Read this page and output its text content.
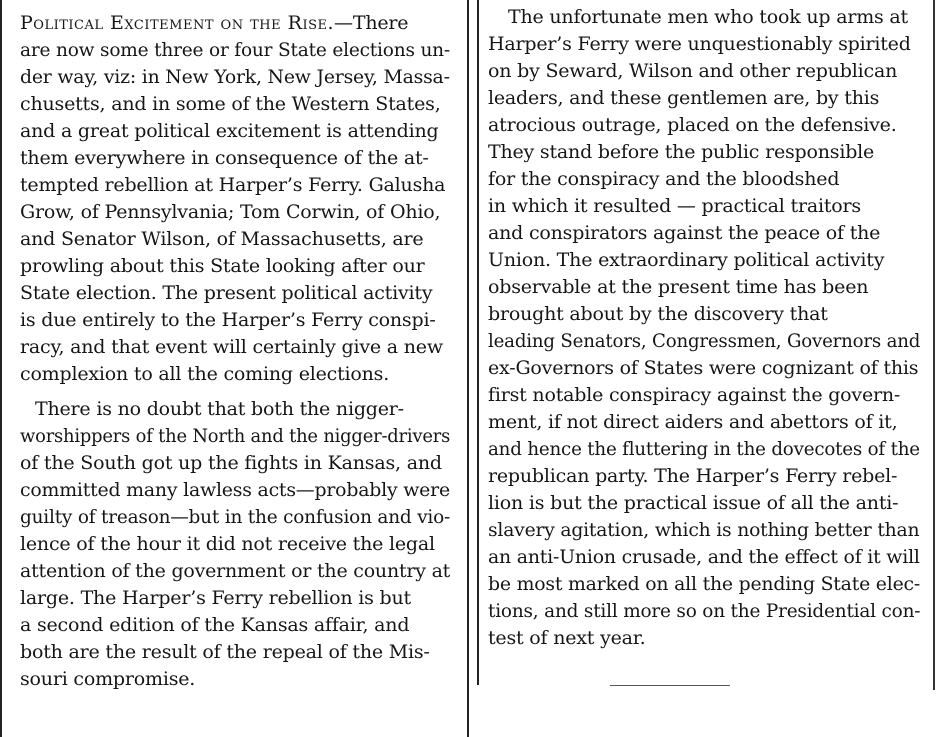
Political Excitement on the Rise.—There
are now some three or four State elections un-
der way, viz: in New York, New Jersey, Massa-
chusetts, and in some of the Western States,
and a great political excitement is attending
them everywhere in consequence of the at-
tempted rebellion at Harper’s Ferry. Galusha
Grow, of Pennsylvania; Tom Corwin, of Ohio,
and Senator Wilson, of Massachusetts, are
prowling about this State looking after our
State election. The present political activity
is due entirely to the Harper’s Ferry conspi-
racy, and that event will certainly give a new
complexion to all the coming elections.
There is no doubt that both the nigger-
worshippers of the North and the nigger-drivers
of the South got up the fights in Kansas, and
committed many lawless acts—probably were
guilty of treason—but in the confusion and vio-
lence of the hour it did not receive the legal
attention of the government or the country at
large. The Harper’s Ferry rebellion is but
a second edition of the Kansas affair, and
both are the result of the repeal of the Mis-
souri compromise.
The unfortunate men who took up arms at
Harper’s Ferry were unquestionably spirited
on by Seward, Wilson and other republican
leaders, and these gentlemen are, by this
atrocious outrage, placed on the defensive.
They stand before the public responsible
for the conspiracy and the bloodshed
in which it resulted — practical traitors
and conspirators against the peace of the
Union. The extraordinary political activity
observable at the present time has been
brought about by the discovery that
leading Senators, Congressmen, Governors and
ex-Governors of States were cognizant of this
first notable conspiracy against the govern-
ment, if not direct aiders and abettors of it,
and hence the fluttering in the dovecotes of the
republican party. The Harper’s Ferry rebel-
lion is but the practical issue of all the anti-
slavery agitation, which is nothing better than
an anti-Union crusade, and the effect of it will
be most marked on all the pending State elec-
tions, and still more so on the Presidential con-
test of next year.
